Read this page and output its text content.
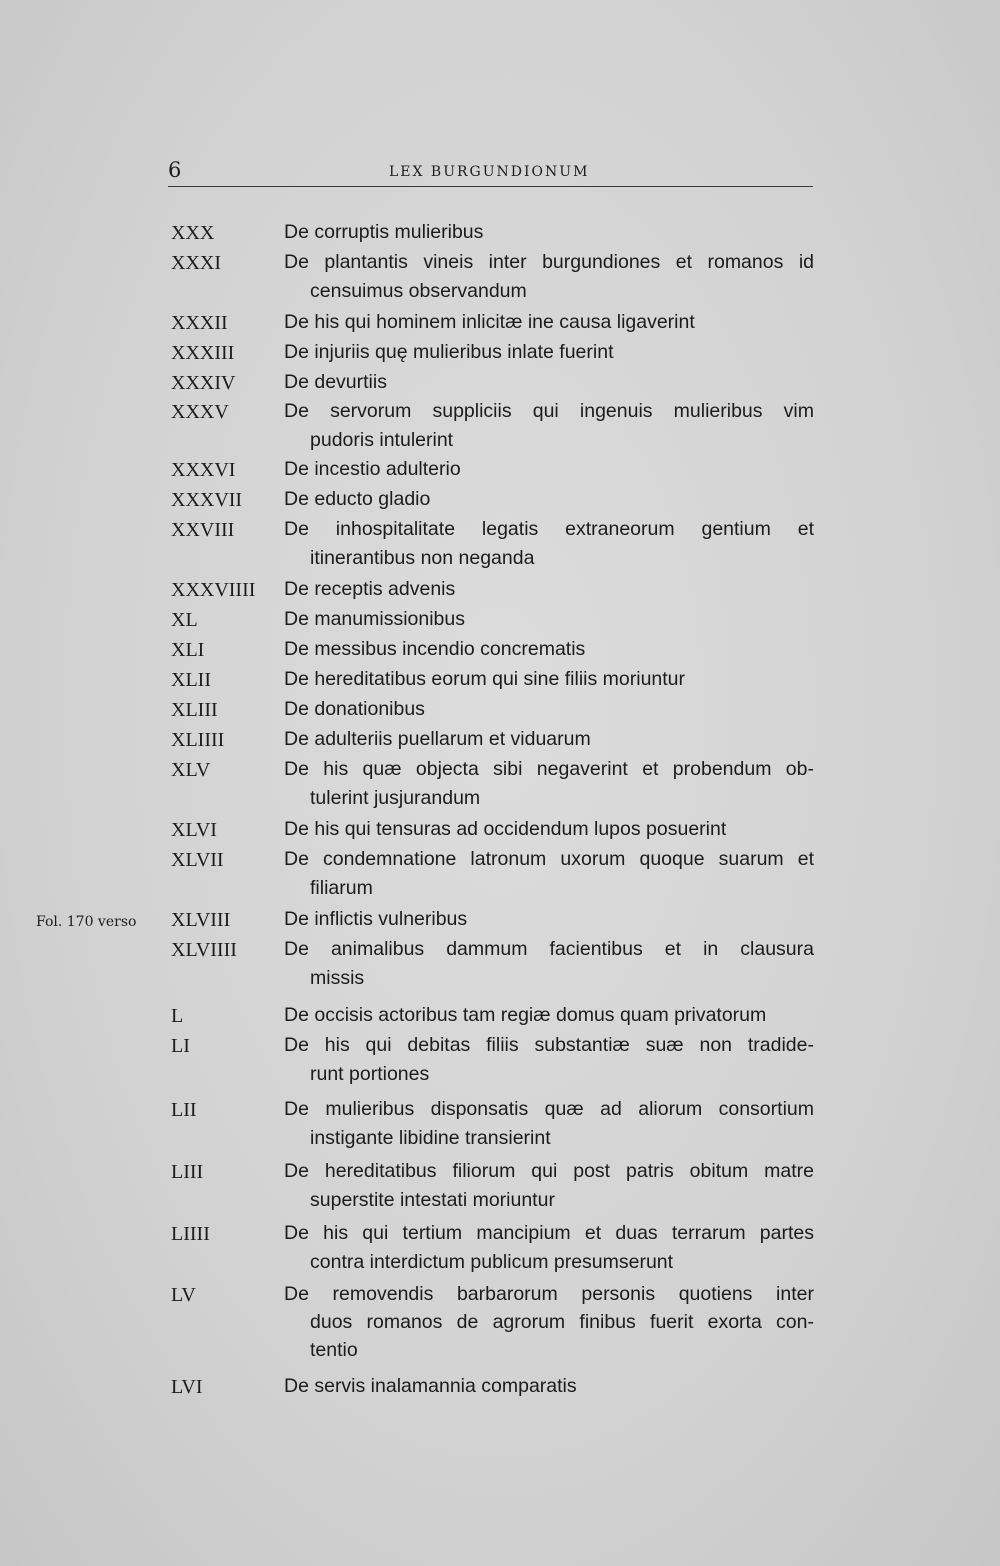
6	LEX BURGUNDIONUM
Fol. 170 verso
XXX	De corruptis mulieribus
XXXI	De plantantis vineis inter burgundiones et romanos id
censuimus observandum
XXXII	De his qui hominem inlicitæ ine causa ligaverint
XXXIII	De injuriis quę mulieribus inlate fuerint
XXXIV De devurtiis
XXXV	De servorum suppliciis qui ingenuis mulieribus vim
pudoris intulerint
XXXVI De incestio adulterio
XXXVII De educto gladio
XXVIII	De inhospitalitate legatis extraneorum gentium et
itinerantibus non neganda
XXXVIIII De receptis advenis
XL	De manumissionibus
XLI	De messibus incendio concrematis
XLII	De hereditatibus eorum qui sine filiis moriuntur
XLIII	De donationibus
XLIIII	De adulteriis puellarum et viduarum
XLV	De his quæ objecta sibi negaverint et probendum ob-
tulerint jusjurandum
XLVI	De his qui tensuras ad occidendum lupos posuerint
XLVII	De condemnatione latronum uxorum quoque suarum et
filiarum
XLVIII	De inflictis vulneribus
XLVIIII De animalibus dammum facientibus et in clausura
missis
L	De occisis actoribus tam regiæ domus quam privatorum
LI	De his qui debitas filiis substantiæ suæ non tradide-
runt portiones
LII	De mulieribus disponsatis quæ ad aliorum consortium
instigante libidine transierint
LIII	De hereditatibus filiorum qui post patris obitum matre
superstite intestati moriuntur
LIIII	De his qui tertium mancipium et duas terrarum partes
contra interdictum publicum presumserunt
LV	De removendis barbarorum personis quotiens inter
duos romanos de agrorum finibus fuerit exorta con-
tentio
LVI	De servis inalamannia comparatis
